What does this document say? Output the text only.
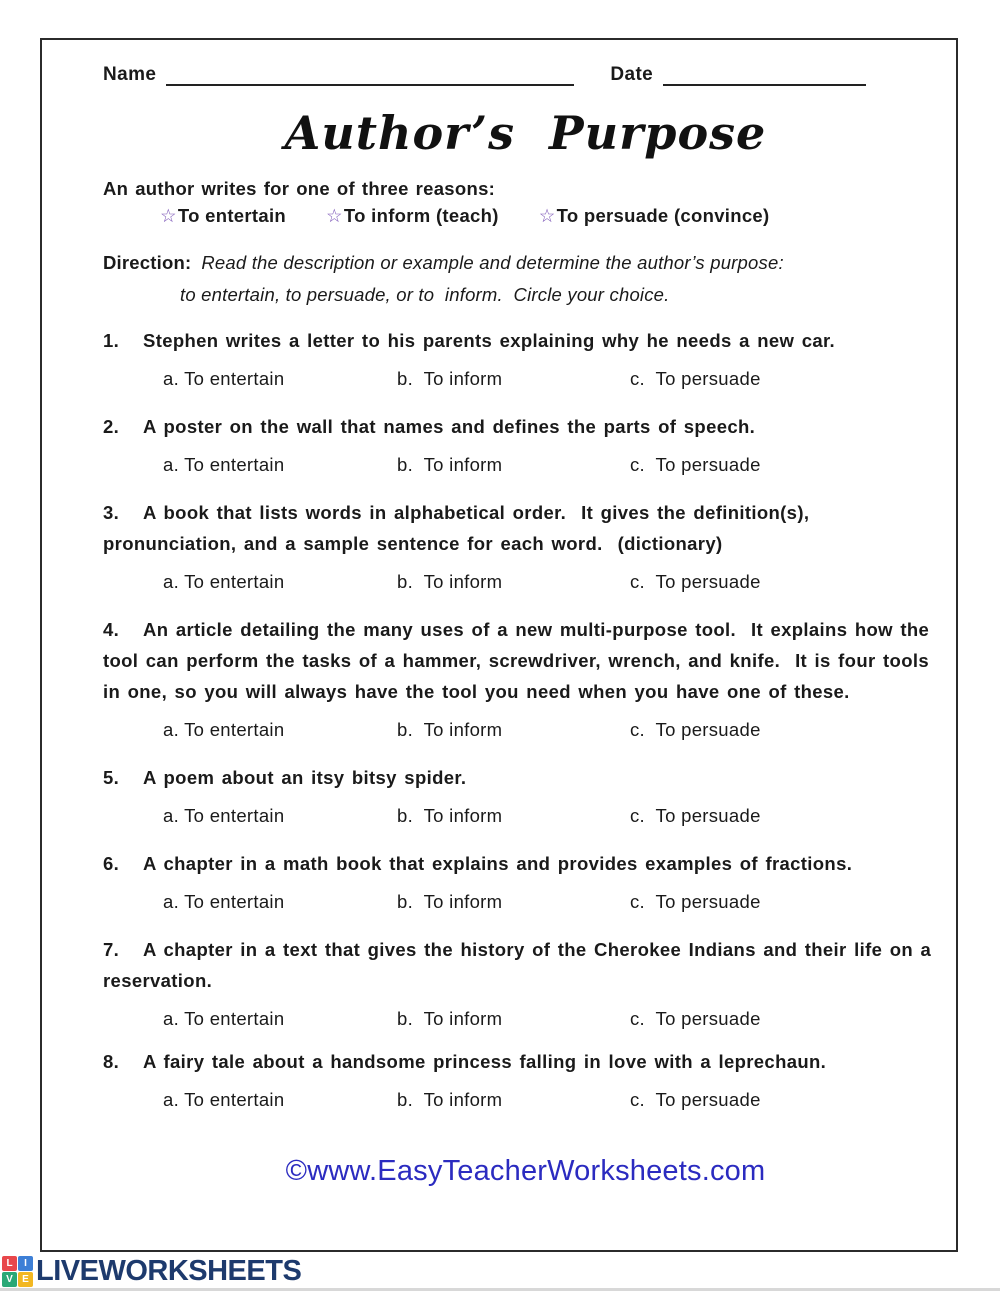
Name	Date
Author’s  Purpose

An author writes for one of three reasons:

☆To entertain ☆To inform (teach) ☆To persuade (convince)
Direction: Read the description or example and determine the author’s purpose:
to entertain, to persuade, or to  inform.  Circle your choice.

1. Stephen writes a letter to his parents explaining why he needs a new car.

a. To entertain	b.  To inform	c.  To persuade

2. A poster on the wall that names and defines the parts of speech.

a. To entertain	b.  To inform	c.  To persuade

3. A book that lists words in alphabetical order.  It gives the definition(s), pronunciation, and a sample sentence for each word.  (dictionary)

a. To entertain	b.  To inform	c.  To persuade

4. An article detailing the many uses of a new multi-purpose tool.  It explains how the tool can perform the tasks of a hammer, screwdriver, wrench, and knife.  It is four tools in one, so you will always have the tool you need when you have one of these.

a. To entertain	b.  To inform	c.  To persuade

5. A poem about an itsy bitsy spider.

a. To entertain	b.  To inform	c.  To persuade

6. A chapter in a math book that explains and provides examples of fractions.

a. To entertain	b.  To inform	c.  To persuade

7. A chapter in a text that gives the history of the Cherokee Indians and their life on a reservation.

a. To entertain	b.  To inform	c.  To persuade

8. A fairy tale about a handsome princess falling in love with a leprechaun.

a. To entertain	b.  To inform	c.  To persuade

©www.EasyTeacherWorksheets.com

L	I
V E LIVEWORKSHEETS
